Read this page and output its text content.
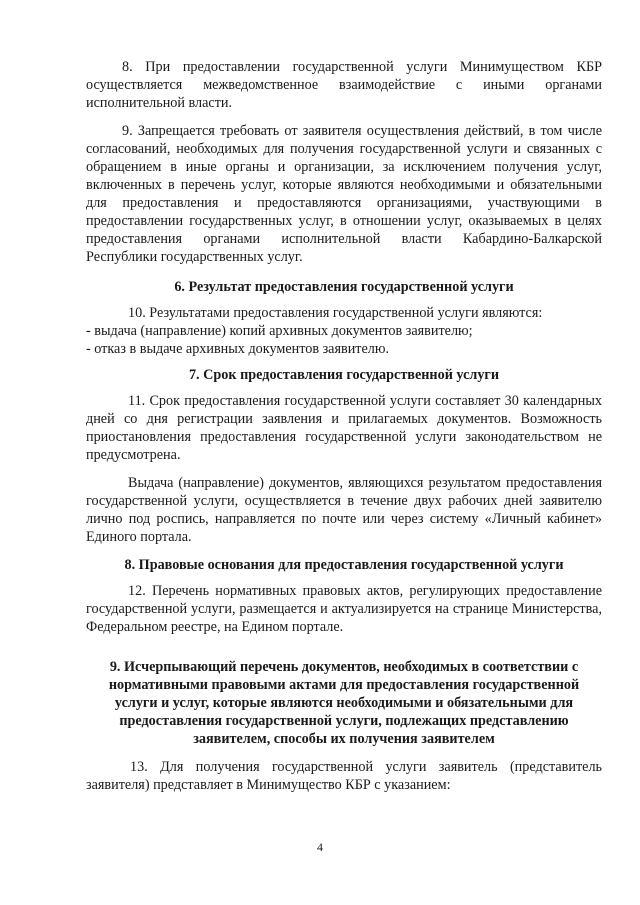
8. При предоставлении государственной услуги Минимуществом КБР осуществляется межведомственное взаимодействие с иными органами исполнительной власти.

9. Запрещается требовать от заявителя осуществления действий, в том числе согласований, необходимых для получения государственной услуги и связанных с обращением в иные органы и организации, за исключением получения услуг, включенных в перечень услуг, которые являются необходимыми и обязательными для предоставления и предоставляются организациями, участвующими в предоставлении государственных услуг, в отношении услуг, оказываемых в целях предоставления органами исполнительной власти Кабардино-Балкарской Республики государственных услуг.

6. Результат предоставления государственной услуги

10. Результатами предоставления государственной услуги являются:

- выдача (направление) копий архивных документов заявителю;

- отказ в выдаче архивных документов заявителю.

7. Срок предоставления государственной услуги

11. Срок предоставления государственной услуги составляет 30 календарных дней со дня регистрации заявления и прилагаемых документов. Возможность приостановления предоставления государственной услуги законодательством не предусмотрена.

Выдача (направление) документов, являющихся результатом предоставления государственной услуги, осуществляется в течение двух рабочих дней заявителю лично под роспись, направляется по почте или через систему «Личный кабинет» Единого портала.

8. Правовые основания для предоставления государственной услуги

12. Перечень нормативных правовых актов, регулирующих предоставление государственной услуги, размещается и актуализируется на странице Министерства, Федеральном реестре, на Едином портале.

9. Исчерпывающий перечень документов, необходимых в соответствии с нормативными правовыми актами для предоставления государственной услуги и услуг, которые являются необходимыми и обязательными для предоставления государственной услуги, подлежащих представлению заявителем, способы их получения заявителем

13. Для получения государственной услуги заявитель (представитель заявителя) представляет в Минимущество КБР с указанием:

4
